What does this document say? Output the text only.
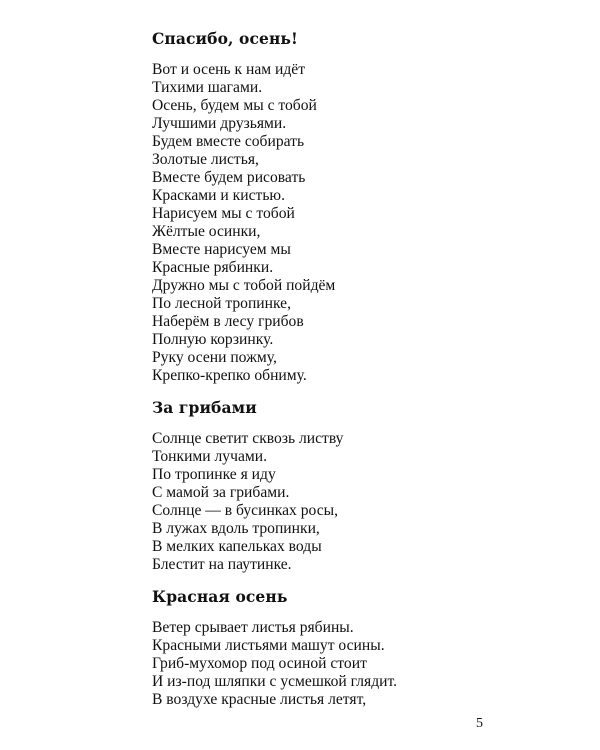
Спасибо, осень!
Вот и осень к нам идёт
Тихими шагами.
Осень, будем мы с тобой
Лучшими друзьями.
Будем вместе собирать
Золотые листья,
Вместе будем рисовать
Красками и кистью.
Нарисуем мы с тобой
Жёлтые осинки,
Вместе нарисуем мы
Красные рябинки.
Дружно мы с тобой пойдём
По лесной тропинке,
Наберём в лесу грибов
Полную корзинку.
Руку осени пожму,
Крепко-крепко обниму.
За грибами
Солнце светит сквозь листву
Тонкими лучами.
По тропинке я иду
С мамой за грибами.
Солнце — в бусинках росы,
В лужах вдоль тропинки,
В мелких капельках воды
Блестит на паутинке.
Красная осень
Ветер срывает листья рябины.
Красными листьями машут осины.
Гриб-мухомор под осиной стоит
И из-под шляпки с усмешкой глядит.
В воздухе красные листья летят,
5
